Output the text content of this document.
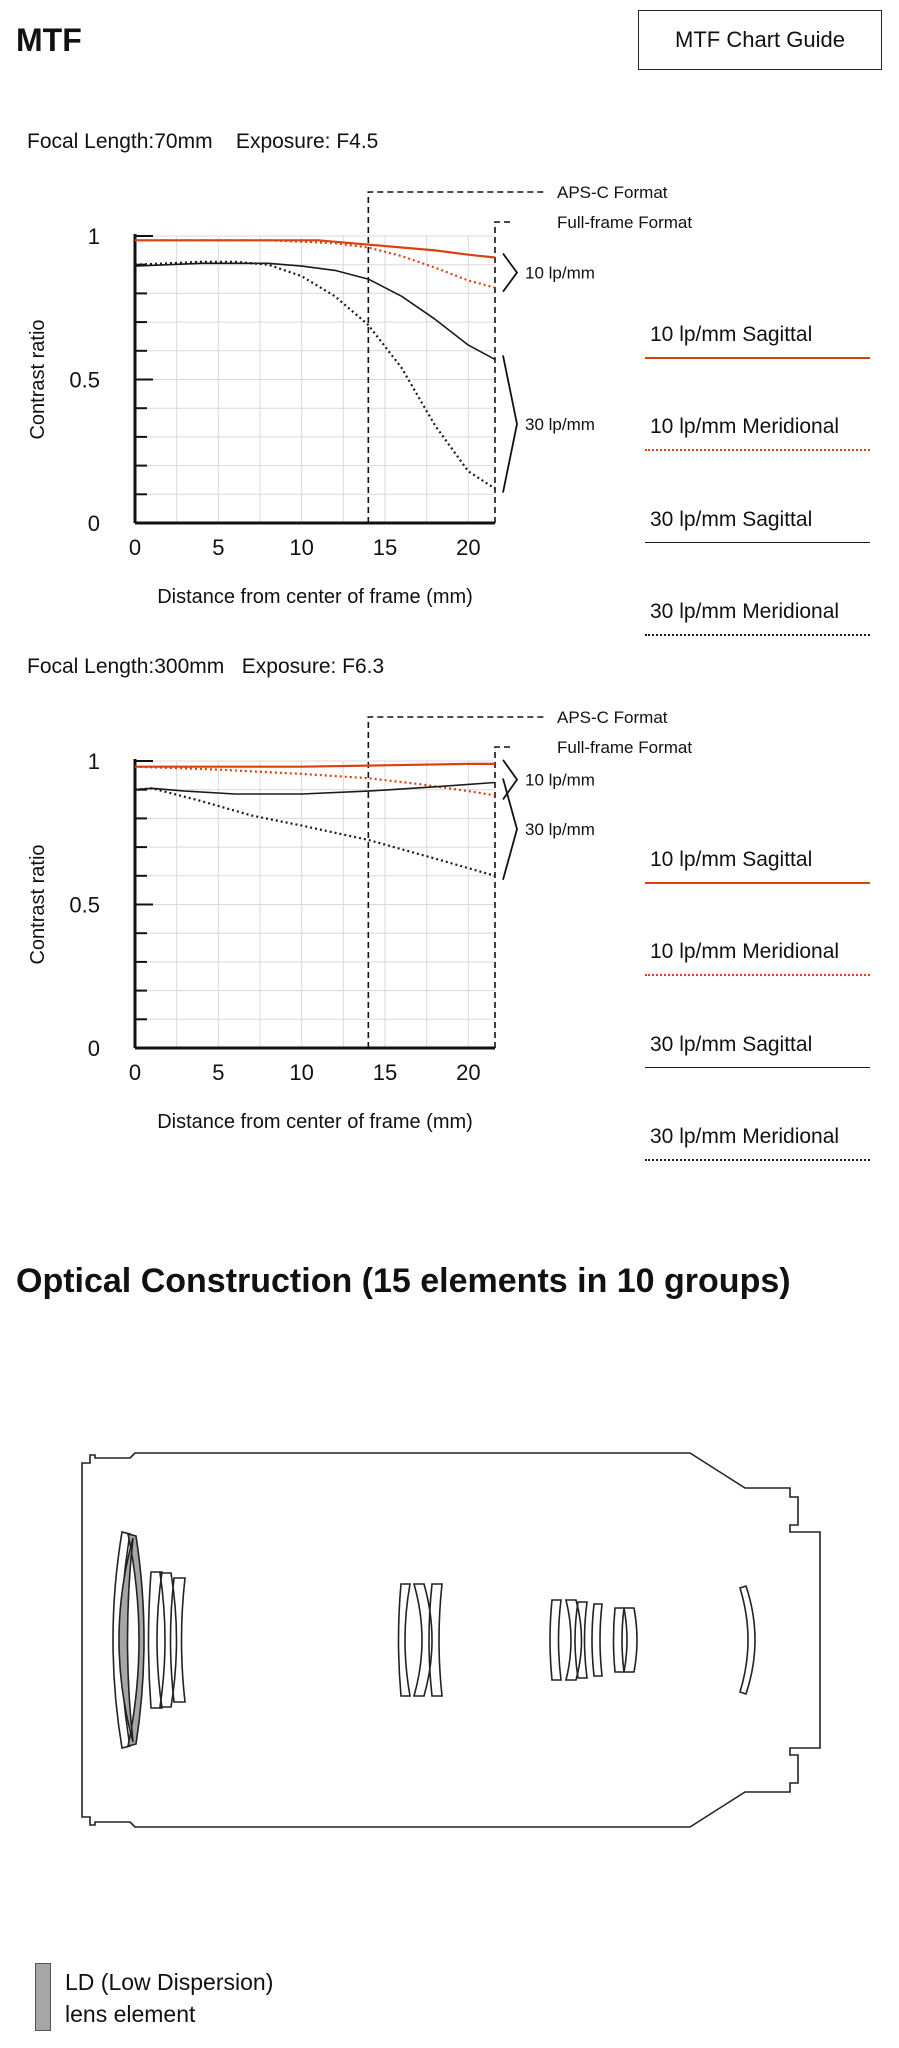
MTF	MTF Chart Guide
Focal Length:70mm    Exposure: F4.5
0
0.5
1
0	5	10	15	20
Distance from center of frame (mm)
Contrast ratio
APS-C Format
Full-frame Format
10 lp/mm
30 lp/mm
10 lp/mm Sagittal
10 lp/mm Meridional
30 lp/mm Sagittal
30 lp/mm Meridional
Focal Length:300mm   Exposure: F6.3
0
0.5
1
0	5	10	15	20
Distance from center of frame (mm)
Contrast ratio
APS-C Format
Full-frame Format
10 lp/mm
30 lp/mm
10 lp/mm Sagittal
10 lp/mm Meridional
30 lp/mm Sagittal
30 lp/mm Meridional
Optical Construction (15 elements in 10 groups)
LD (Low Dispersion)
lens element
